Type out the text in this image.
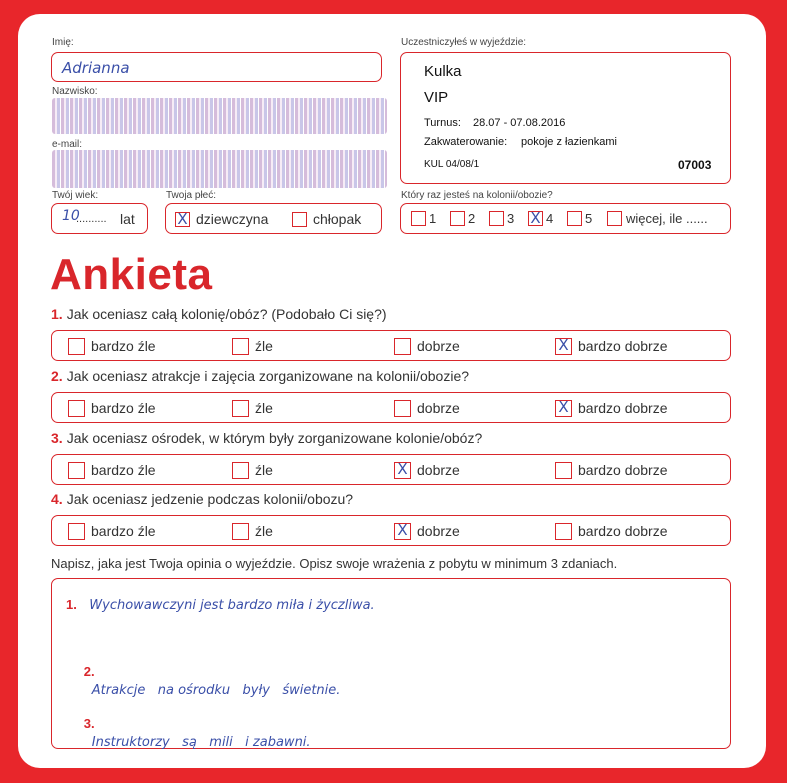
Imię:
Adrianna
Nazwisko:
e-mail:
Twój wiek:
10
.......... lat
Twoja płeć:
X dziewczyna	chłopak
Uczestniczyłeś w wyjeździe:
Kulka
VIP
Turnus: 28.07 - 07.08.2016
Zakwaterowanie: pokoje z łazienkami
KUL 04/08/1	07003
Który raz jesteś na kolonii/obozie?
1	2	3 X 4	5	więcej, ile ......
Ankieta
1. Jak oceniasz całą kolonię/obóz? (Podobało Ci się?)
bardzo źle	źle	dobrze	X bardzo dobrze
2. Jak oceniasz atrakcje i zajęcia zorganizowane na kolonii/obozie?
bardzo źle	źle	dobrze	X bardzo dobrze
3. Jak oceniasz ośrodek, w którym były zorganizowane kolonie/obóz?
bardzo źle	źle	X dobrze	bardzo dobrze
4. Jak oceniasz jedzenie podczas kolonii/obozu?
bardzo źle	źle	X dobrze	bardzo dobrze
Napisz, jaka jest Twoja opinia o wyjeździe. Opisz swoje wrażenia z pobytu w minimum 3 zdaniach.
1. Wychowawczyni jest bardzo miła i życzliwa.

2.
Atrakcje   na ośrodku   były   świetnie.

3.
Instruktorzy   są   mili   i zabawni.
